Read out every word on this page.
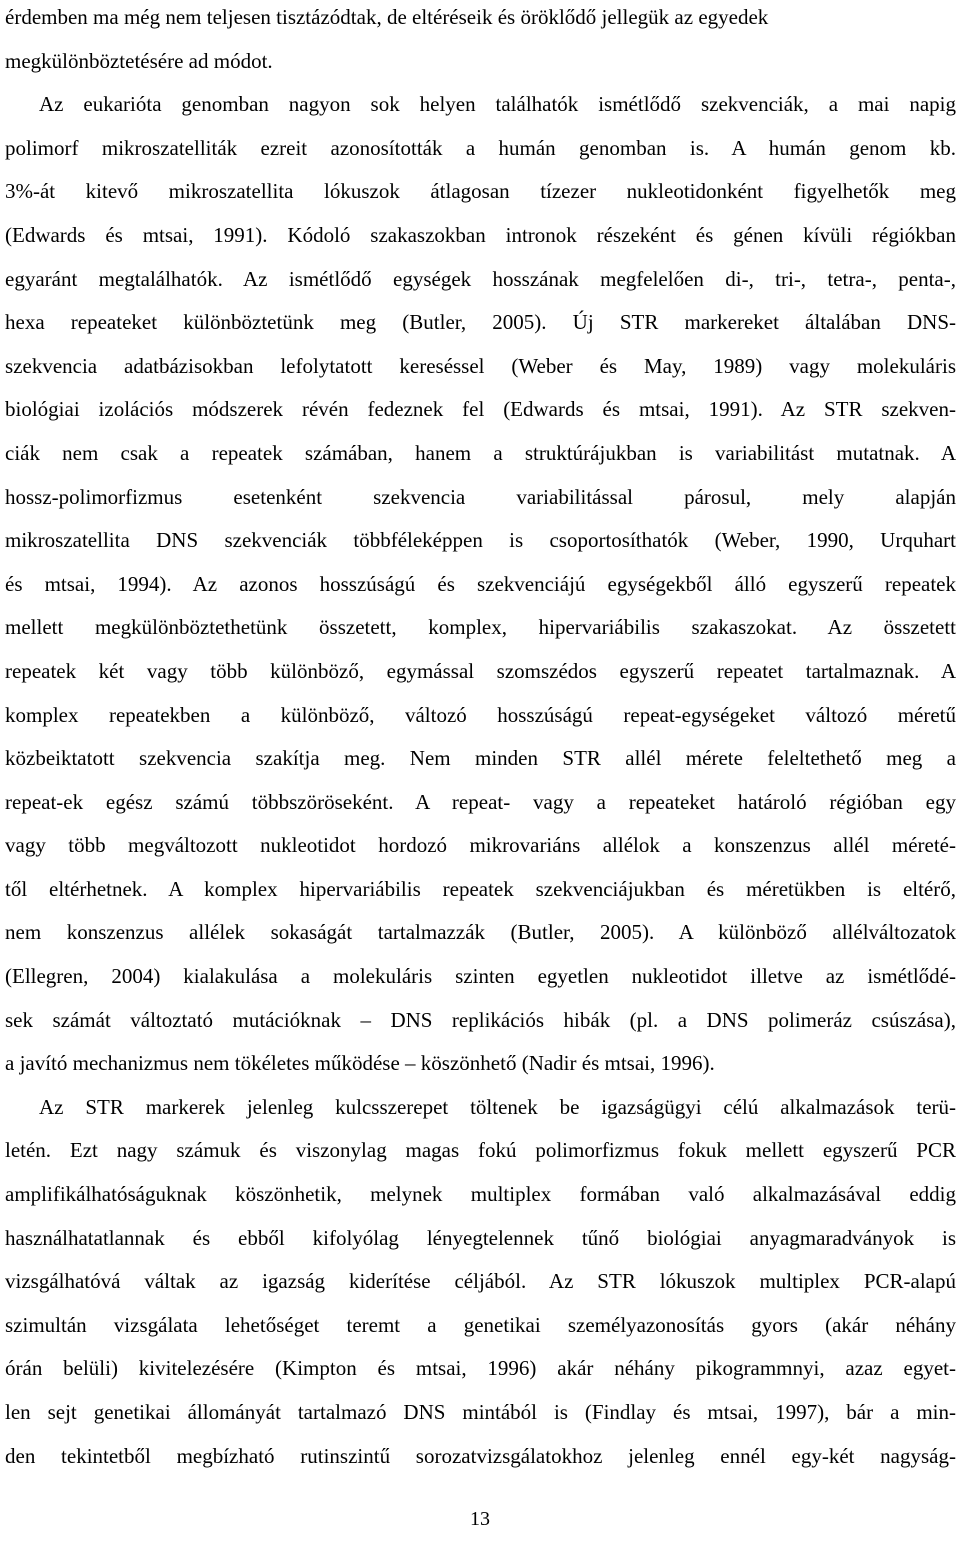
érdemben ma még nem teljesen tisztázódtak, de eltéréseik és öröklődő jellegük az egyedek
megkülönböztetésére ad módot.
Az eukarióta genomban nagyon sok helyen találhatók ismétlődő szekvenciák, a mai napig
polimorf mikroszatelliták ezreit azonosították a humán genomban is. A humán genom kb.
3%-át kitevő mikroszatellita lókuszok átlagosan tízezer nukleotidonként figyelhetők meg
(Edwards és mtsai, 1991). Kódoló szakaszokban intronok részeként és génen kívüli régiókban
egyaránt megtalálhatók. Az ismétlődő egységek hosszának megfelelően di-, tri-, tetra-, penta-,
hexa repeateket különböztetünk meg (Butler, 2005). Új STR markereket általában DNS-
szekvencia adatbázisokban lefolytatott kereséssel (Weber és May, 1989) vagy molekuláris
biológiai izolációs módszerek révén fedeznek fel (Edwards és mtsai, 1991). Az STR szekven-
ciák nem csak a repeatek számában, hanem a struktúrájukban is variabilitást mutatnak. A
hossz-polimorfizmus esetenként szekvencia variabilitással párosul, mely alapján
mikroszatellita DNS szekvenciák többféleképpen is csoportosíthatók (Weber, 1990, Urquhart
és mtsai, 1994). Az azonos hosszúságú és szekvenciájú egységekből álló egyszerű repeatek
mellett megkülönböztethetünk összetett, komplex, hipervariábilis szakaszokat. Az összetett
repeatek két vagy több különböző, egymással szomszédos egyszerű repeatet tartalmaznak. A
komplex repeatekben a különböző, változó hosszúságú repeat-egységeket változó méretű
közbeiktatott szekvencia szakítja meg. Nem minden STR allél mérete feleltethető meg a
repeat-ek egész számú többszöröseként. A repeat- vagy a repeateket határoló régióban egy
vagy több megváltozott nukleotidot hordozó mikrovariáns allélok a konszenzus allél méreté-
től eltérhetnek. A komplex hipervariábilis repeatek szekvenciájukban és méretükben is eltérő,
nem konszenzus allélek sokaságát tartalmazzák (Butler, 2005). A különböző allélváltozatok
(Ellegren, 2004) kialakulása a molekuláris szinten egyetlen nukleotidot illetve az ismétlődé-
sek számát változtató mutációknak – DNS replikációs hibák (pl. a DNS polimeráz csúszása),
a javító mechanizmus nem tökéletes működése – köszönhető (Nadir és mtsai, 1996).
Az STR markerek jelenleg kulcsszerepet töltenek be igazságügyi célú alkalmazások terü-
letén. Ezt nagy számuk és viszonylag magas fokú polimorfizmus fokuk mellett egyszerű PCR
amplifikálhatóságuknak köszönhetik, melynek multiplex formában való alkalmazásával eddig
használhatatlannak és ebből kifolyólag lényegtelennek tűnő biológiai anyagmaradványok is
vizsgálhatóvá váltak az igazság kiderítése céljából. Az STR lókuszok multiplex PCR-alapú
szimultán vizsgálata lehetőséget teremt a genetikai személyazonosítás gyors (akár néhány
órán belüli) kivitelezésére (Kimpton és mtsai, 1996) akár néhány pikogrammnyi, azaz egyet-
len sejt genetikai állományát tartalmazó DNS mintából is (Findlay és mtsai, 1997), bár a min-
den tekintetből megbízható rutinszintű sorozatvizsgálatokhoz jelenleg ennél egy-két nagyság-
13
